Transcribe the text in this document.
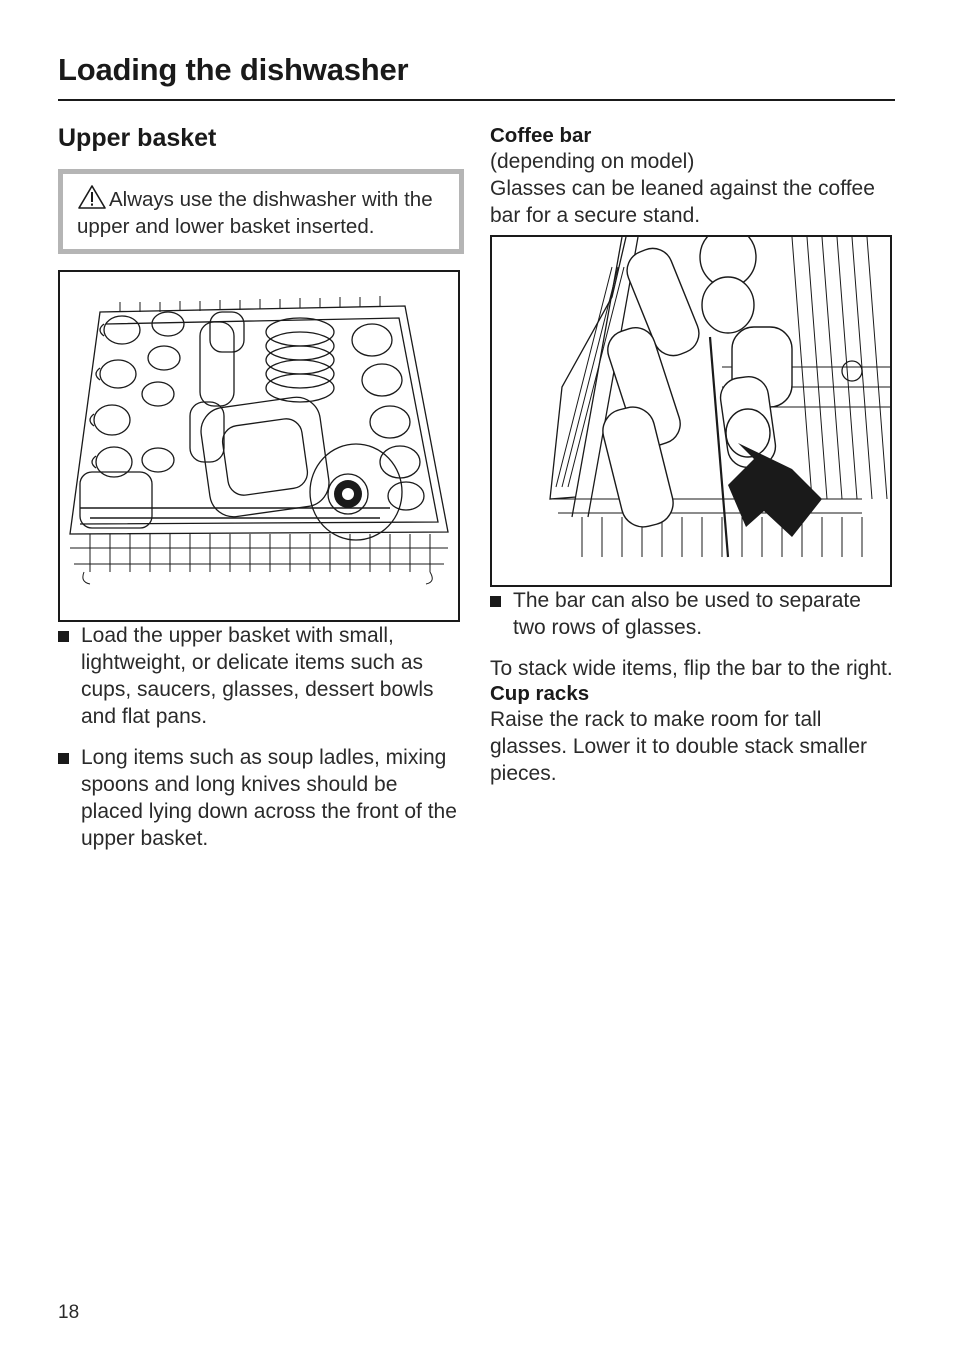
Loading the dishwasher
Upper basket
Always use the dishwasher with the upper and lower basket inserted.
Load the upper basket with small, lightweight, or delicate items such as cups, saucers, glasses, dessert bowls and flat pans.
Long items such as soup ladles, mixing spoons and long knives should be placed lying down across the front of the upper basket.
Coffee bar

(depending on model)

Glasses can be leaned against the coffee bar for a secure stand.

The bar can also be used to separate two rows of glasses.

To stack wide items, flip the bar to the right.

Cup racks

Raise the rack to make room for tall glasses. Lower it to double stack smaller pieces.

18
